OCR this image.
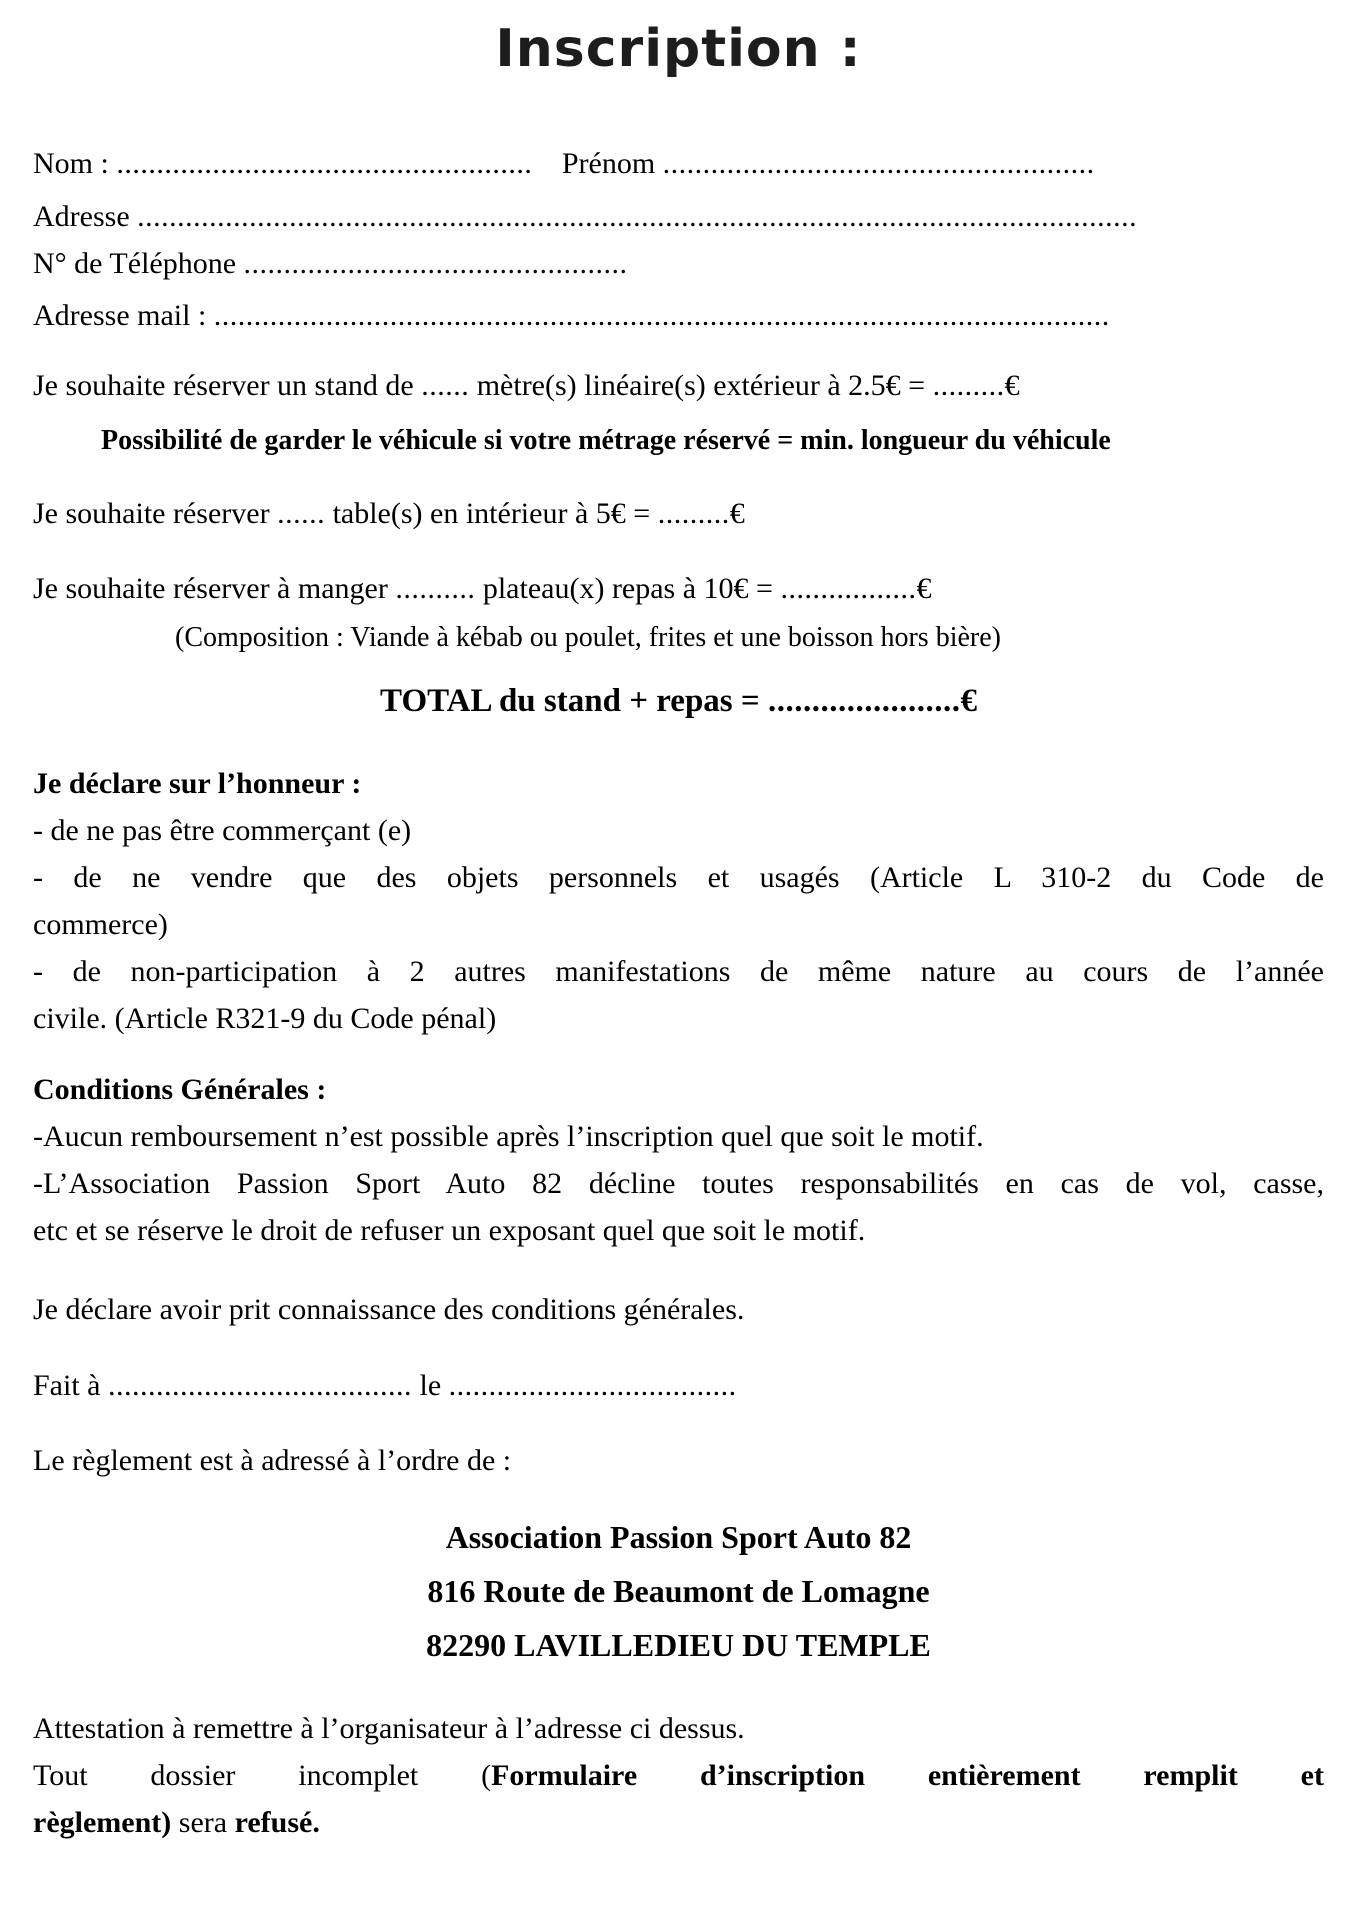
Inscription :
Nom : .................................................... Prénom ......................................................
Adresse .............................................................................................................................
N° de Téléphone ................................................
Adresse mail : ................................................................................................................
Je souhaite réserver un stand de ...... mètre(s) linéaire(s) extérieur à 2.5€ = .........€
Possibilité de garder le véhicule si votre métrage réservé = min. longueur du véhicule
Je souhaite réserver ...... table(s) en intérieur à 5€ = .........€
Je souhaite réserver à manger .......... plateau(x) repas à 10€ = .................€
(Composition : Viande à kébab ou poulet, frites et une boisson hors bière)
TOTAL du stand + repas = ......................€
Je déclare sur l’honneur :
- de ne pas être commerçant (e)
- de ne vendre que des objets personnels et usagés (Article L 310-2 du Code de
commerce)
- de non-participation à 2 autres manifestations de même nature au cours de l’année
civile. (Article R321-9 du Code pénal)
Conditions Générales :
-Aucun remboursement n’est possible après l’inscription quel que soit le motif.
-L’Association Passion Sport Auto 82 décline toutes responsabilités en cas de vol, casse,
etc et se réserve le droit de refuser un exposant quel que soit le motif.
Je déclare avoir prit connaissance des conditions générales.
Fait à ...................................... le ....................................
Le règlement est à adressé à l’ordre de :
Association Passion Sport Auto 82
816 Route de Beaumont de Lomagne
82290 LAVILLEDIEU DU TEMPLE
Attestation à remettre à l’organisateur à l’adresse ci dessus.
Tout dossier incomplet (Formulaire d’inscription entièrement remplit et
règlement) sera refusé.
